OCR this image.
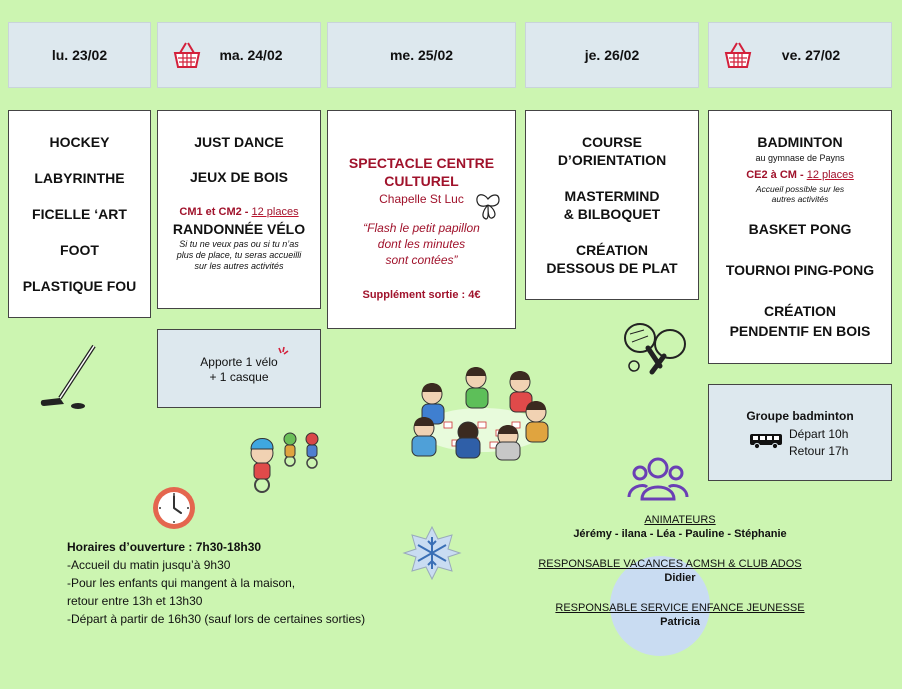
lu. 23/02	ma. 24/02	me. 25/02	je. 26/02	ve. 27/02
HOCKEY
LABYRINTHE
FICELLE ‘ART
FOOT
PLASTIQUE FOU
JUST DANCE
JEUX DE BOIS
CM1 et CM2 - 12 places
RANDONNÉE VÉLO
Si tu ne veux pas ou si tu n’as plus de place, tu seras accueilli sur les autres activités
Apporte 1 vélo
+ 1 casque
SPECTACLE CENTRE
CULTUREL
Chapelle St Luc
“Flash le petit papillon
dont les minutes
sont contées”
Supplément sortie : 4€
COURSE
D’ORIENTATION
MASTERMIND
& BILBOQUET
CRÉATION
DESSOUS DE PLAT
BADMINTON
au gymnase de Payns
CE2 à CM - 12 places
Accueil possible sur les autres activités
BASKET PONG
TOURNOI PING-PONG
CRÉATION
PENDENTIF EN BOIS
Groupe badminton
Départ 10h
Retour 17h
Horaires d’ouverture : 7h30-18h30
-Accueil du matin jusqu’à 9h30
-Pour les enfants qui mangent à la maison,
retour entre 13h et 13h30
-Départ à partir de 16h30 (sauf lors de certaines sorties)
ANIMATEURS
Jérémy - ilana - Léa - Pauline - Stéphanie
RESPONSABLE VACANCES ACMSH & CLUB ADOS
Didier
RESPONSABLE SERVICE ENFANCE JEUNESSE
Patricia
